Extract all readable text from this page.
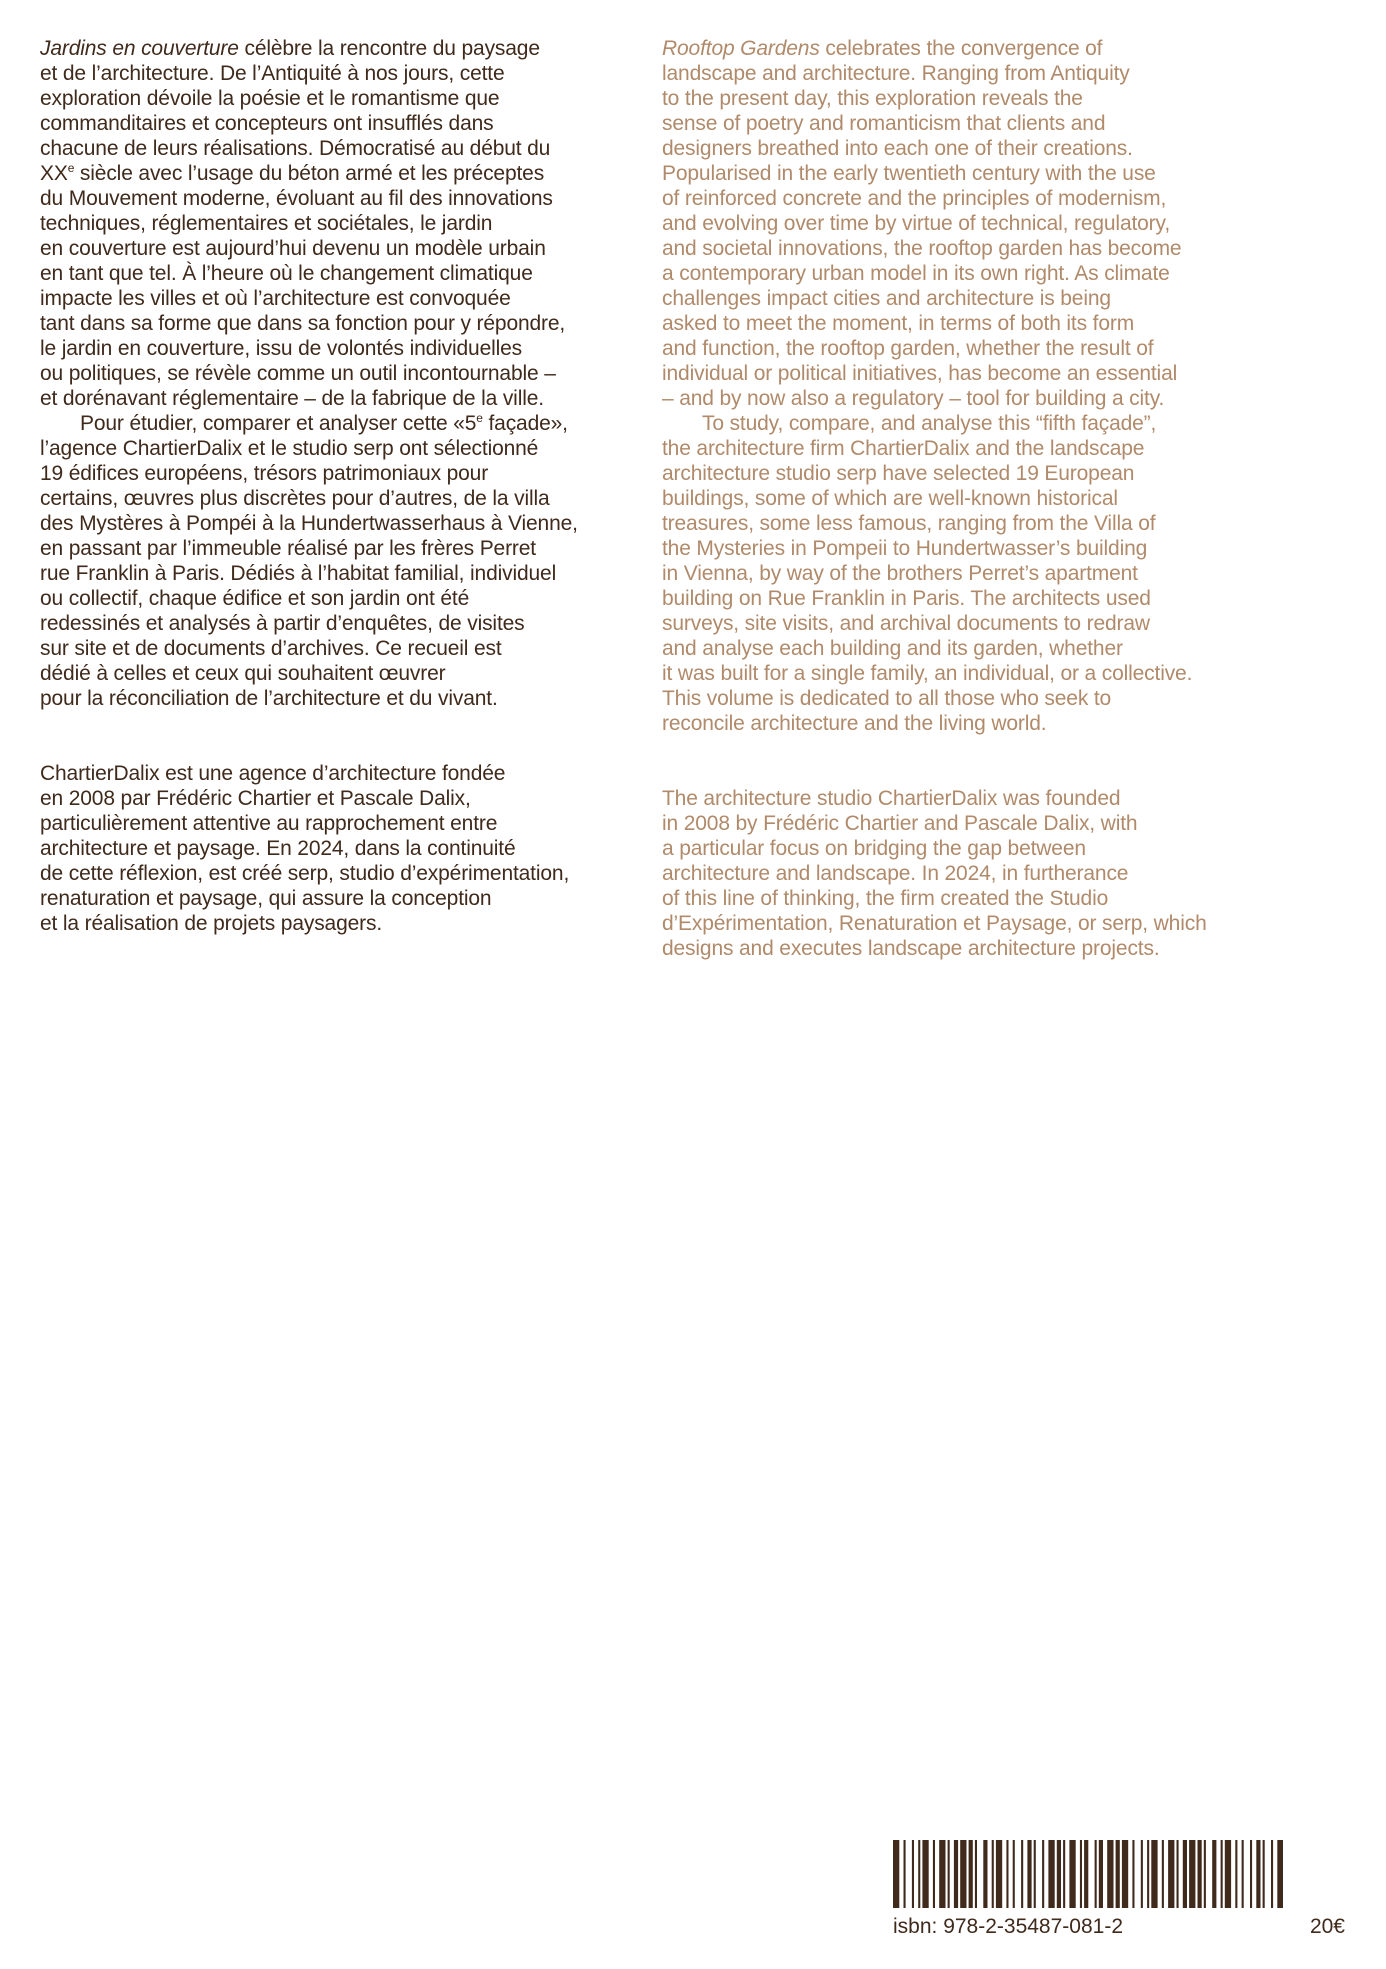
Jardins en couverture célèbre la rencontre du paysage
et de l’architecture. De l’Antiquité à nos jours, cette
exploration dévoile la poésie et le romantisme que
commanditaires et concepteurs ont insufflés dans
chacune de leurs réalisations. Démocratisé au début du
XXe siècle avec l’usage du béton armé et les préceptes
du Mouvement moderne, évoluant au fil des innovations
techniques, réglementaires et sociétales, le jardin
en couverture est aujourd’hui devenu un modèle urbain
en tant que tel. À l’heure où le changement climatique
impacte les villes et où l’architecture est convoquée
tant dans sa forme que dans sa fonction pour y répondre,
le jardin en couverture, issu de volontés individuelles
ou politiques, se révèle comme un outil incontournable –
et dorénavant réglementaire – de la fabrique de la ville.
Pour étudier, comparer et analyser cette «5e façade»,
l’agence ChartierDalix et le studio serp ont sélectionné
19 édifices européens, trésors patrimoniaux pour
certains, œuvres plus discrètes pour d’autres, de la villa
des Mystères à Pompéi à la Hundertwasserhaus à Vienne,
en passant par l’immeuble réalisé par les frères Perret
rue Franklin à Paris. Dédiés à l’habitat familial, individuel
ou collectif, chaque édifice et son jardin ont été
redessinés et analysés à partir d’enquêtes, de visites
sur site et de documents d’archives. Ce recueil est
dédié à celles et ceux qui souhaitent œuvrer
pour la réconciliation de l’architecture et du vivant.
ChartierDalix est une agence d’architecture fondée
en 2008 par Frédéric Chartier et Pascale Dalix,
particulièrement attentive au rapprochement entre
architecture et paysage. En 2024, dans la continuité
de cette réflexion, est créé serp, studio d’expérimentation,
renaturation et paysage, qui assure la conception
et la réalisation de projets paysagers.
Rooftop Gardens celebrates the convergence of
landscape and architecture. Ranging from Antiquity
to the present day, this exploration reveals the
sense of poetry and romanticism that clients and
designers breathed into each one of their creations.
Popularised in the early twentieth century with the use
of reinforced concrete and the principles of modernism,
and evolving over time by virtue of technical, regulatory,
and societal innovations, the rooftop garden has become
a contemporary urban model in its own right. As climate
challenges impact cities and architecture is being
asked to meet the moment, in terms of both its form
and function, the rooftop garden, whether the result of
individual or political initiatives, has become an essential
– and by now also a regulatory – tool for building a city.
To study, compare, and analyse this “fifth façade”,
the architecture firm ChartierDalix and the landscape
architecture studio serp have selected 19 European
buildings, some of which are well-known historical
treasures, some less famous, ranging from the Villa of
the Mysteries in Pompeii to Hundertwasser’s building
in Vienna, by way of the brothers Perret’s apartment
building on Rue Franklin in Paris. The architects used
surveys, site visits, and archival documents to redraw
and analyse each building and its garden, whether
it was built for a single family, an individual, or a collective.
This volume is dedicated to all those who seek to
reconcile architecture and the living world.
The architecture studio ChartierDalix was founded
in 2008 by Frédéric Chartier and Pascale Dalix, with
a particular focus on bridging the gap between
architecture and landscape. In 2024, in furtherance
of this line of thinking, the firm created the Studio
d’Expérimentation, Renaturation et Paysage, or serp, which
designs and executes landscape architecture projects.
isbn: 978-2-35487-081-2	20€
